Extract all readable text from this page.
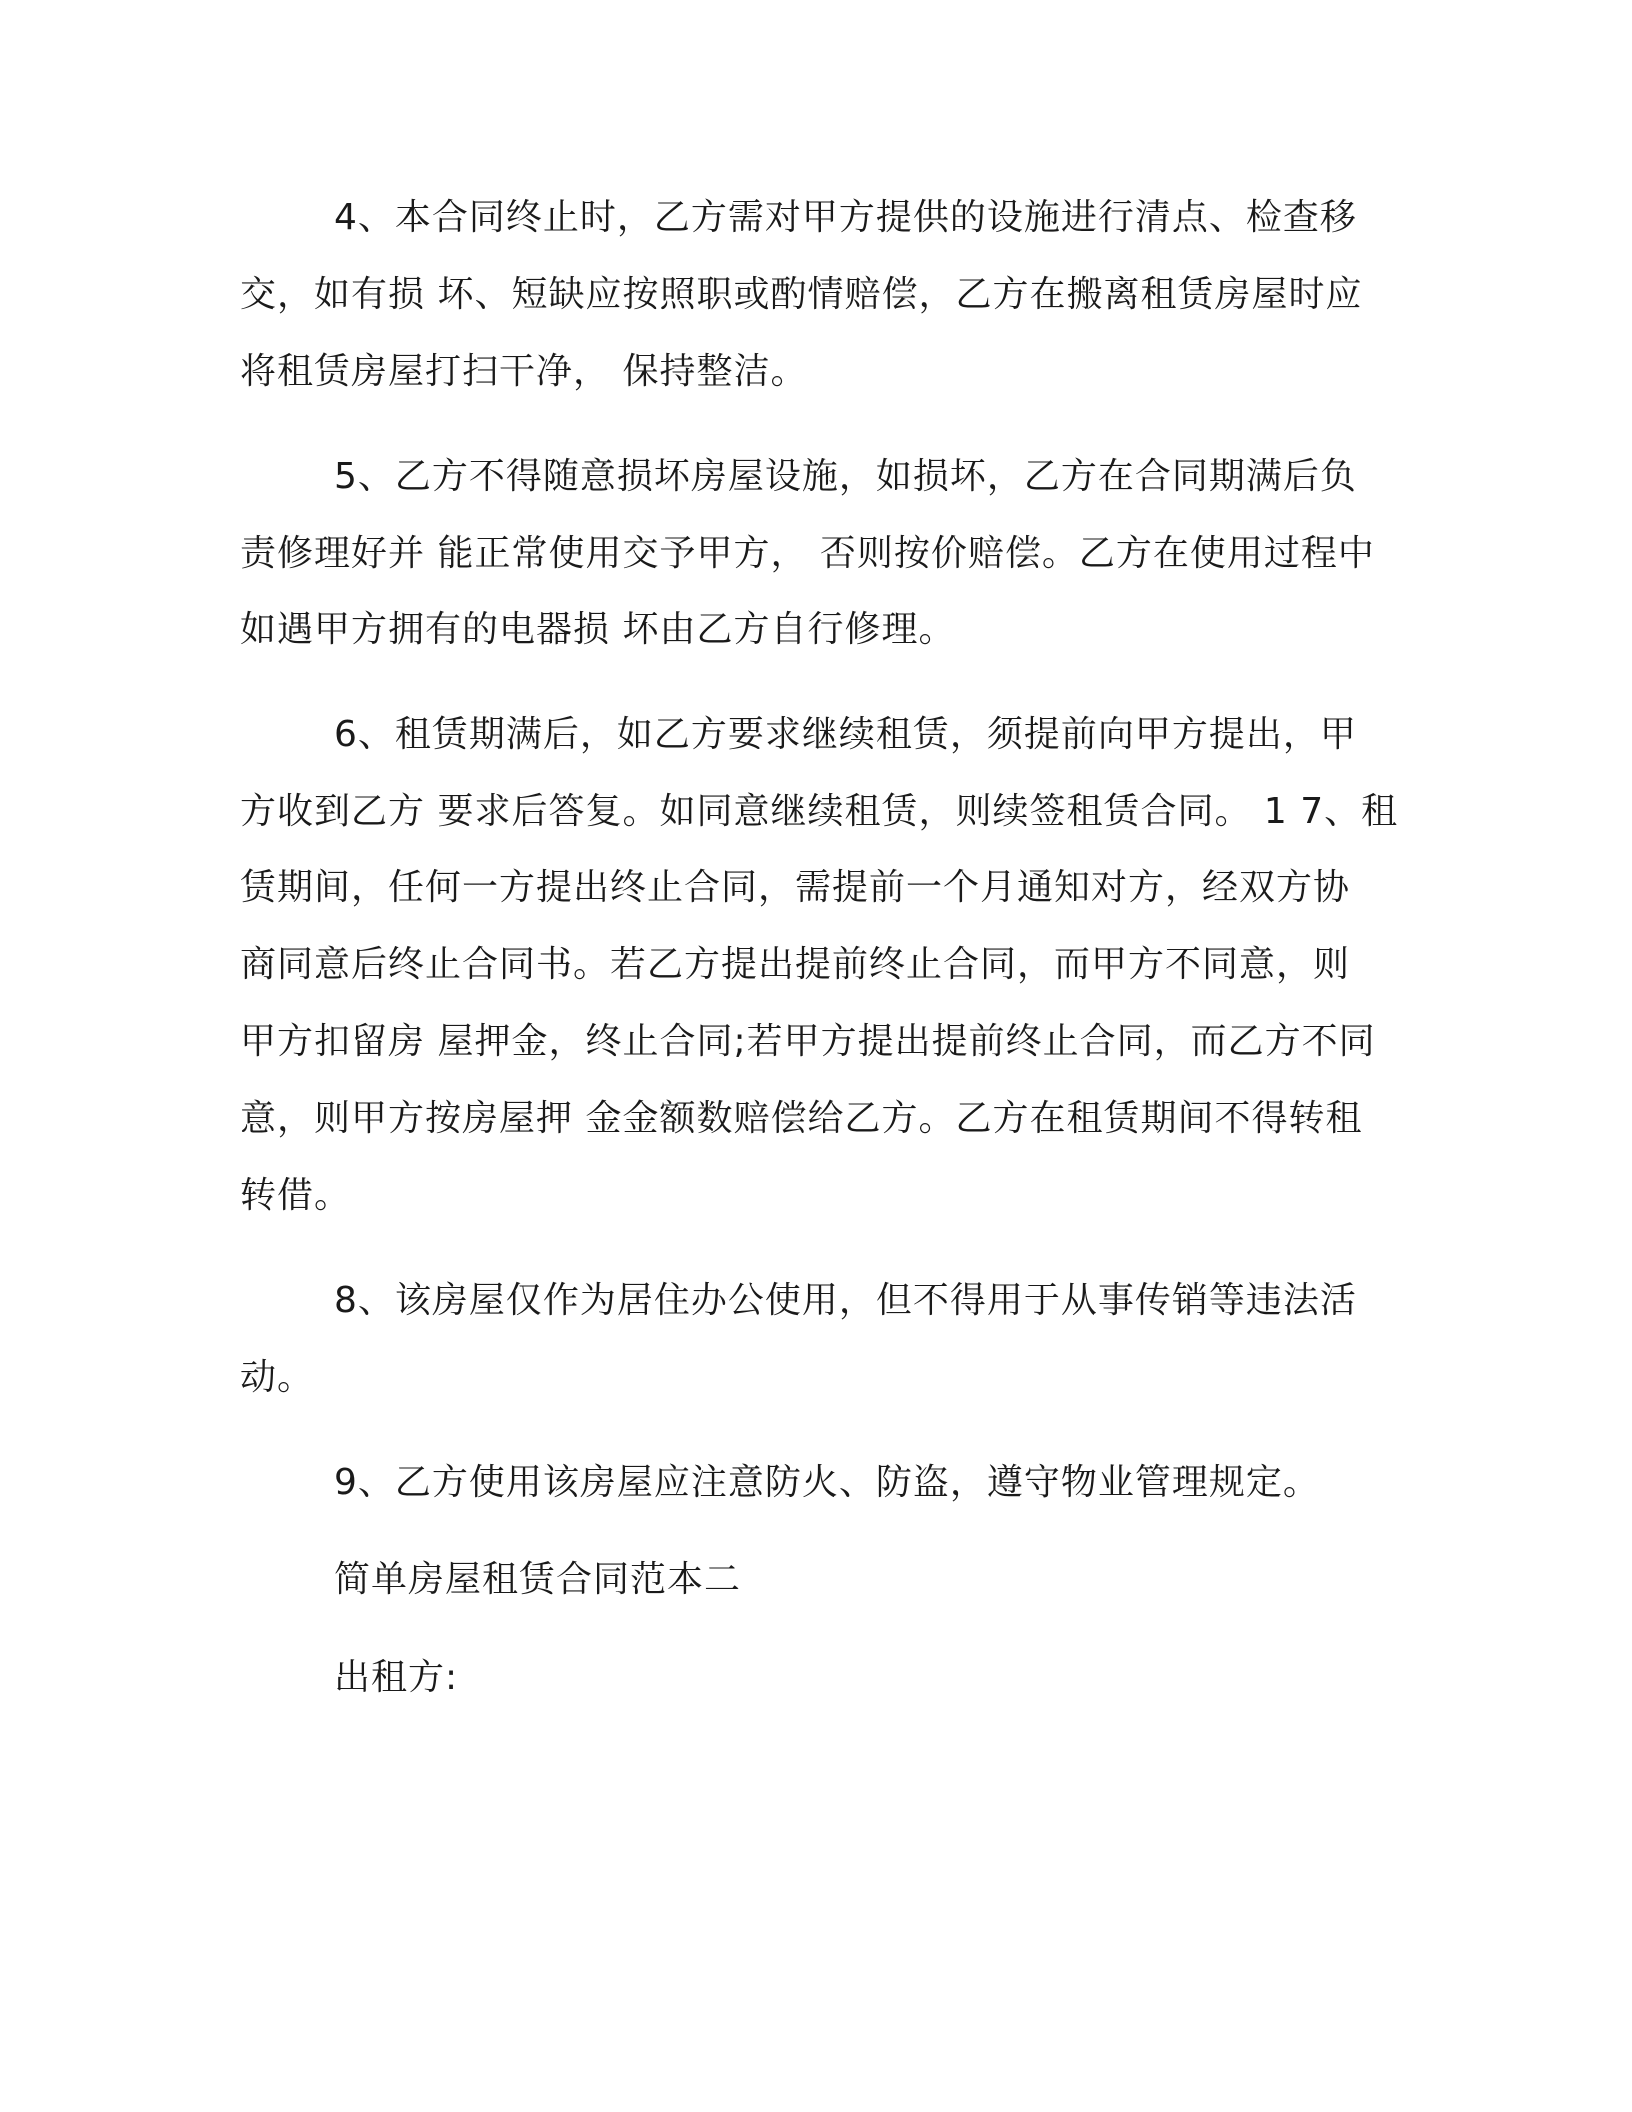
4、本合同终止时，乙方需对甲方提供的设施进行清点、检查移
交，如有损 坏、短缺应按照职或酌情赔偿，乙方在搬离租赁房屋时应
将租赁房屋打扫干净， 保持整洁。
5、乙方不得随意损坏房屋设施，如损坏，乙方在合同期满后负
责修理好并 能正常使用交予甲方， 否则按价赔偿。乙方在使用过程中
如遇甲方拥有的电器损 坏由乙方自行修理。
6、租赁期满后，如乙方要求继续租赁，须提前向甲方提出，甲
方收到乙方 要求后答复。如同意继续租赁，则续签租赁合同。 1 7、租
赁期间，任何一方提出终止合同，需提前一个月通知对方，经双方协
商同意后终止合同书。若乙方提出提前终止合同，而甲方不同意，则
甲方扣留房 屋押金，终止合同;若甲方提出提前终止合同，而乙方不同
意，则甲方按房屋押 金金额数赔偿给乙方。乙方在租赁期间不得转租
转借。
8、该房屋仅作为居住办公使用，但不得用于从事传销等违法活
动。
9、乙方使用该房屋应注意防火、防盗，遵守物业管理规定。
简单房屋租赁合同范本二
出租方:
